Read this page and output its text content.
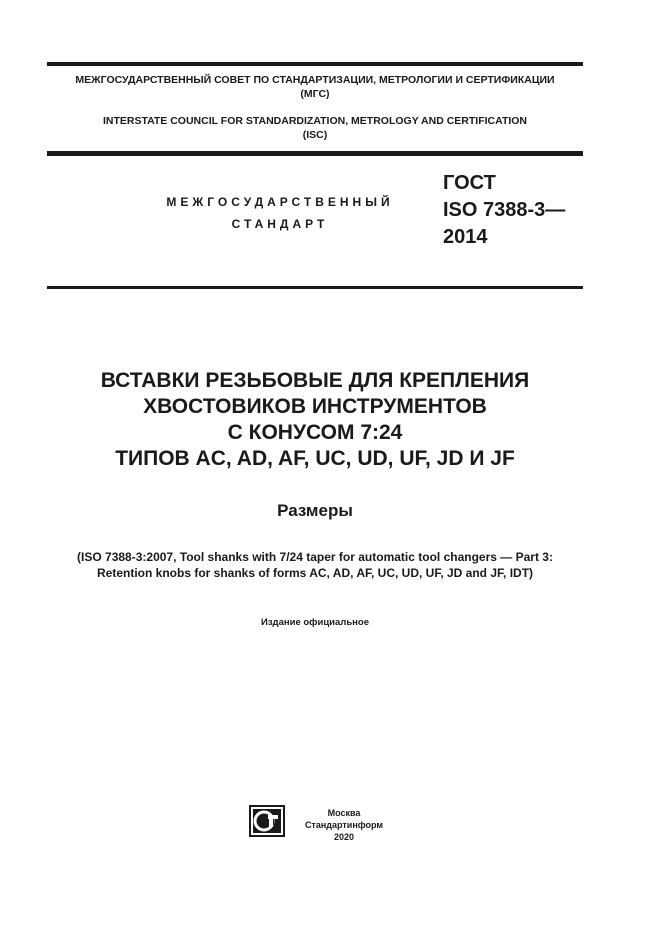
МЕЖГОСУДАРСТВЕННЫЙ СОВЕТ ПО СТАНДАРТИЗАЦИИ, МЕТРОЛОГИИ И СЕРТИФИКАЦИИ
(МГС)
INTERSTATE COUNCIL FOR STANDARDIZATION, METROLOGY AND CERTIFICATION
(ISC)
МЕЖГОСУДАРСТВЕННЫЙ
СТАНДАРТ
ГОСТ
ISO 7388-3—
2014
ВСТАВКИ РЕЗЬБОВЫЕ ДЛЯ КРЕПЛЕНИЯ
ХВОСТОВИКОВ ИНСТРУМЕНТОВ
С КОНУСОМ 7:24
ТИПОВ AC, AD, AF, UC, UD, UF, JD И JF
Размеры
(ISO 7388-3:2007, Tool shanks with 7/24 taper for automatic tool changers — Part 3:
Retention knobs for shanks of forms AC, AD, AF, UC, UD, UF, JD and JF, IDT)
Издание официальное
Москва
Стандартинформ
2020
